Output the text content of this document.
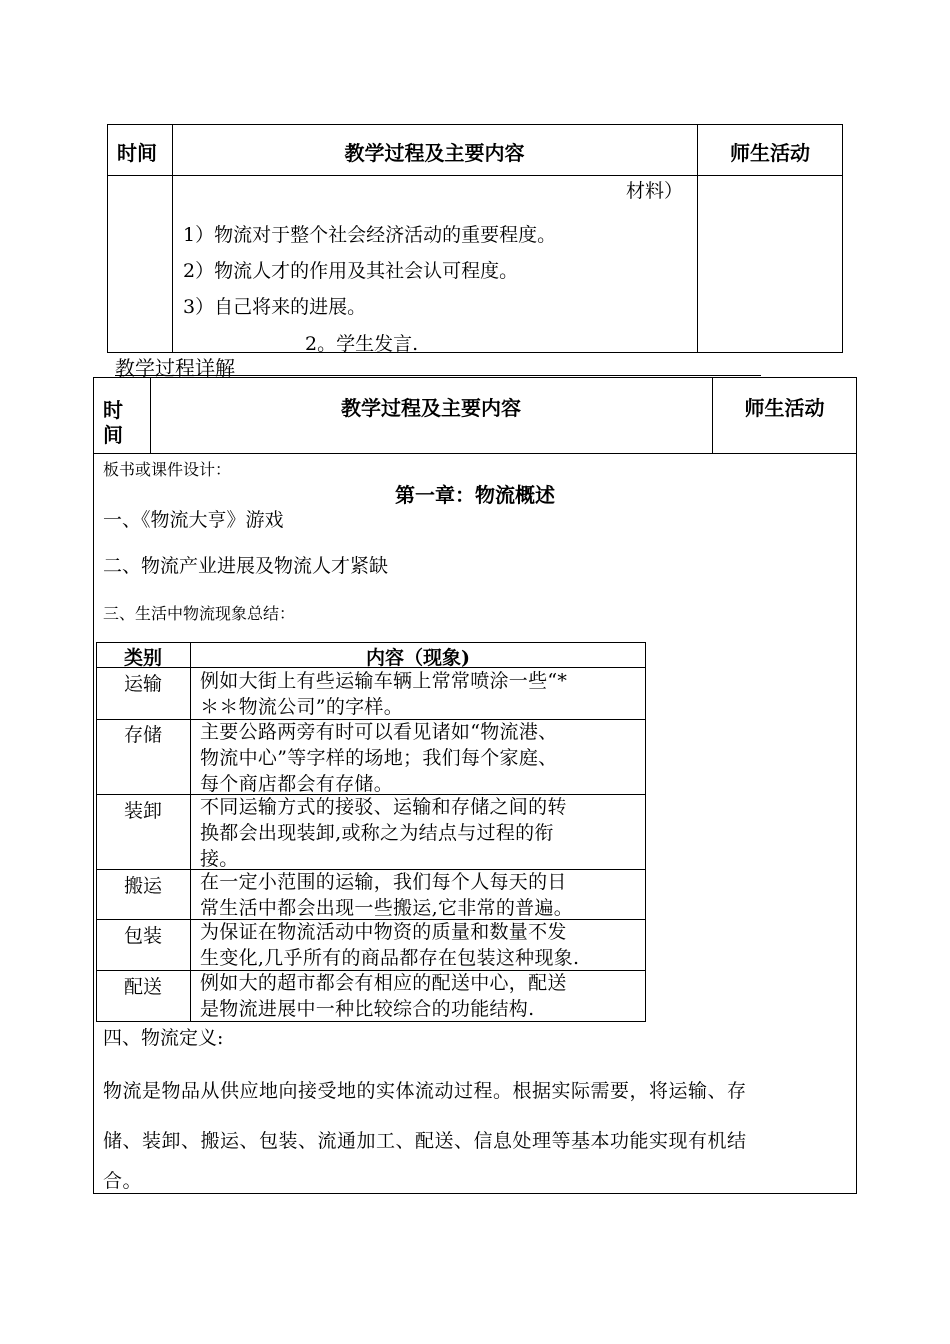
时间	教学过程及主要内容	师生活动
材料）
1）物流对于整个社会经济活动的重要程度。
2）物流人才的作用及其社会认可程度。
3）自己将来的进展。
2。学生发言.
教学过程详解
时
间
教学过程及主要内容	师生活动
板书或课件设计：
第一章：物流概述
一、《物流大亨》游戏
二、物流产业进展及物流人才紧缺
三、生活中物流现象总结：
类别	内容（现象)
运输	例如大街上有些运输车辆上常常喷涂一些“*
＊＊物流公司”的字样。
存储	主要公路两旁有时可以看见诸如“物流港、
物流中心”等字样的场地；我们每个家庭、
每个商店都会有存储。
装卸	不同运输方式的接驳、运输和存储之间的转
换都会出现装卸,或称之为结点与过程的衔
接。
搬运	在一定小范围的运输，我们每个人每天的日
常生活中都会出现一些搬运,它非常的普遍。
包装	为保证在物流活动中物资的质量和数量不发
生变化,几乎所有的商品都存在包装这种现象.
配送	例如大的超市都会有相应的配送中心，配送
是物流进展中一种比较综合的功能结构.
四、物流定义:
物流是物品从供应地向接受地的实体流动过程。根据实际需要，将运输、存
储、装卸、搬运、包装、流通加工、配送、信息处理等基本功能实现有机结
合。
